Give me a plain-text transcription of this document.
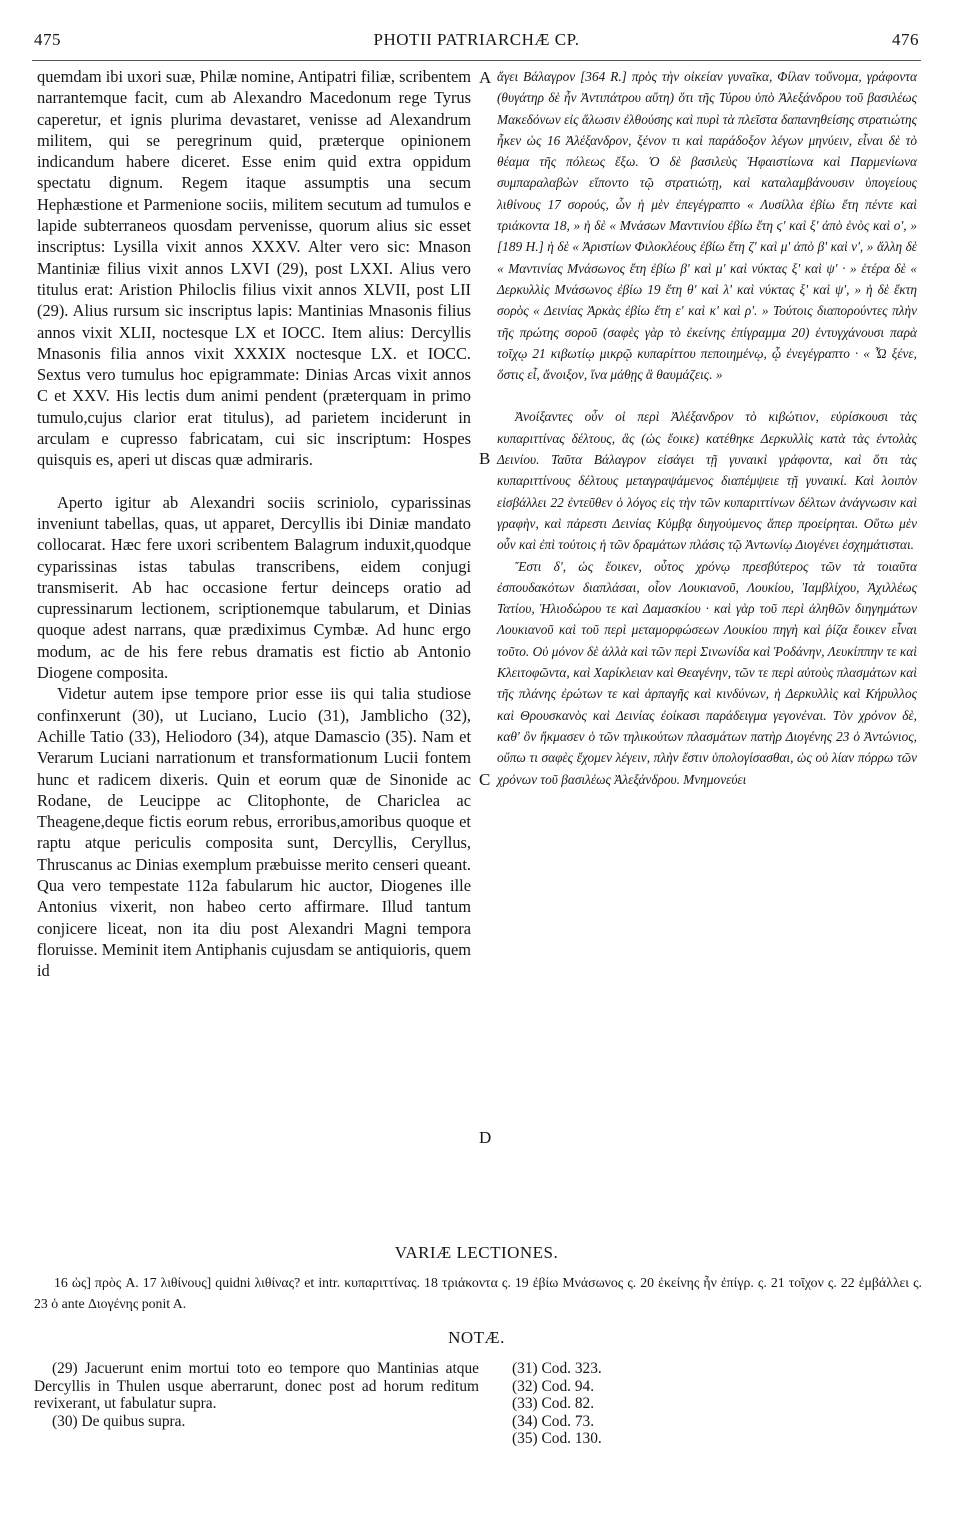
475	PHOTII PATRIARCHÆ CP.	476

quemdam ibi uxori suæ, Philæ nomine, Antipatri filiæ, scribentem narrantemque facit, cum ab Alexandro Macedonum rege Tyrus caperetur, et ignis plurima devastaret, venisse ad Alexandrum militem, qui se peregrinum quid, præterque opinionem indicandum habere diceret. Esse enim quid extra oppidum spectatu dignum. Regem itaque assumptis una secum Hephæstione et Parmenione sociis, militem secutum ad tumulos e lapide subterraneos quosdam pervenisse, quorum alius sic esset inscriptus: Lysilla vixit annos XXXV. Alter vero sic: Mnason Mantiniæ filius vixit annos LXVI (29), post LXXI. Alius vero titulus erat: Aristion Philoclis filius vixit annos XLVII, post LII (29). Alius rursum sic inscriptus lapis: Mantinias Mnasonis filius annos vixit XLII, noctesque LX et IOCC. Item alius: Dercyllis Mnasonis filia annos vixit XXXIX noctesque LX. et IOCC. Sextus vero tumulus hoc epigrammate: Dinias Arcas vixit annos C et XXV. His lectis dum animi pendent (præterquam in primo tumulo,cujus clarior erat titulus), ad parietem inciderunt in arculam e cupresso fabricatam, cui sic inscriptum: Hospes quisquis es, aperi ut discas quæ admiraris.

Aperto igitur ab Alexandri sociis scriniolo, cyparissinas inveniunt tabellas, quas, ut apparet, Dercyllis ibi Diniæ mandato collocarat. Hæc fere uxori scribentem Balagrum induxit,quodque cyparissinas istas tabulas transcribens, eidem conjugi transmiserit. Ab hac occasione fertur deinceps oratio ad cupressinarum lectionem, scriptionemque tabularum, et Dinias quoque adest narrans, quæ prædiximus Cymbæ. Ad hunc ergo modum, ac de his fere rebus dramatis est fictio ab Antonio Diogene composita.

Videtur autem ipse tempore prior esse iis qui talia studiose confinxerunt (30), ut Luciano, Lucio (31), Jamblicho (32), Achille Tatio (33), Heliodoro (34), atque Damascio (35). Nam et Verarum Luciani narrationum et transformationum Lucii fontem hunc et radicem dixeris. Quin et eorum quæ de Sinonide ac Rodane, de Leucippe ac Clitophonte, de Chariclea ac Theagene,deque fictis eorum rebus, erroribus,amoribus quoque et raptu atque periculis composita sunt, Dercyllis, Ceryllus, Thruscanus ac Dinias exemplum præbuisse merito censeri queant. Qua vero tempestate 112a fabularum hic auctor, Diogenes ille Antonius vixerit, non habeo certo affirmare. Illud tantum conjicere liceat, non ita diu post Alexandri Magni tempora floruisse. Meminit item Antiphanis cujusdam se antiquioris, quem id

ἄγει Βάλαγρον [364 R.] πρὸς τὴν οἰκείαν γυναῖκα, Φίλαν τοὔνομα, γράφοντα (θυγάτηρ δὲ ἦν Ἀντιπάτρου αὕτη) ὅτι τῆς Τύρου ὑπὸ Ἀλεξάνδρου τοῦ βασιλέως Μακεδόνων εἰς ἅλωσιν ἐλθούσης καὶ πυρὶ τὰ πλεῖστα δαπανηθείσης στρατιώτης ἧκεν ὡς 16 Ἀλέξανδρον, ξένον τι καὶ παράδοξον λέγων μηνύειν, εἶναι δὲ τὸ θέαμα τῆς πόλεως ἔξω. Ὁ δὲ βασιλεὺς Ἡφαιστίωνα καὶ Παρμενίωνα συμπαραλαβὼν εἵποντο τῷ στρατιώτῃ, καὶ καταλαμβάνουσιν ὑπογείους λιθίνους 17 σορούς, ὧν ἡ μὲν ἐπεγέγραπτο « Λυσίλλα ἐβίω ἔτη πέντε καὶ τριάκοντα 18, » ἡ δὲ « Μνάσων Μαντινίου ἐβίω ἔτη ϛ' καὶ ξ' ἀπὸ ἑνὸς καὶ ο', » [189 H.] ἡ δὲ « Ἀριστίων Φιλοκλέους ἐβίω ἔτη ζ' καὶ μ' ἀπὸ β' καὶ ν', » ἄλλη δὲ « Μαντινίας Μνάσωνος ἔτη ἐβίω β' καὶ μ' καὶ νύκτας ξ' καὶ ψ' · » ἑτέρα δὲ « Δερκυλλὶς Μνάσωνος ἐβίω 19 ἔτη θ' καὶ λ' καὶ νύκτας ξ' καὶ ψ', » ἡ δὲ ἕκτη σορὸς « Δεινίας Ἀρκὰς ἐβίω ἔτη ε' καὶ κ' καὶ ρ'. » Τούτοις διαπορούντες πλὴν τῆς πρώτης σοροῦ (σαφὲς γὰρ τὸ ἐκείνης ἐπίγραμμα 20) ἐντυγχάνουσι παρὰ τοῖχῳ 21 κιβωτίῳ μικρῷ κυπαρίττου πεποιημένῳ, ᾧ ἐνεγέγραπτο · « Ὦ ξένε, ὅστις εἶ, ἄνοιξον, ἵνα μάθῃς ἃ θαυμάζεις. »

Ἀνοίξαντες οὖν οἱ περὶ Ἀλέξανδρον τὸ κιβώτιον, εὑρίσκουσι τὰς κυπαριττίνας δέλτους, ἃς (ὡς ἔοικε) κατέθηκε Δερκυλλὶς κατὰ τὰς ἐντολὰς Δεινίου. Ταῦτα Βάλαγρον εἰσάγει τῇ γυναικὶ γράφοντα, καὶ ὅτι τὰς κυπαριττίνους δέλτους μεταγραψάμενος διαπέμψειε τῇ γυναικί. Καὶ λοιπὸν εἰσβάλλει 22 ἐντεῦθεν ὁ λόγος εἰς τὴν τῶν κυπαριττίνων δέλτων ἀνάγνωσιν καὶ γραφὴν, καὶ πάρεστι Δεινίας Κύμβᾳ διηγούμενος ἅπερ προείρηται. Οὕτω μὲν οὖν καὶ ἐπὶ τούτοις ἡ τῶν δραμάτων πλάσις τῷ Ἀντωνίῳ Διογένει ἐσχημάτισται.

Ἔστι δ', ὡς ἔοικεν, οὗτος χρόνῳ πρεσβύτερος τῶν τὰ τοιαῦτα ἐσπουδακότων διαπλάσαι, οἷον Λουκιανοῦ, Λουκίου, Ἰαμβλίχου, Ἀχιλλέως Τατίου, Ἡλιοδώρου τε καὶ Δαμασκίου · καὶ γὰρ τοῦ περὶ ἀληθῶν διηγημάτων Λουκιανοῦ καὶ τοῦ περὶ μεταμορφώσεων Λουκίου πηγὴ καὶ ῥίζα ἔοικεν εἶναι τοῦτο. Οὐ μόνον δὲ ἀλλὰ καὶ τῶν περὶ Σινωνίδα καὶ Ῥοδάνην, Λευκίππην τε καὶ Κλειτοφῶντα, καὶ Χαρίκλειαν καὶ Θεαγένην, τῶν τε περὶ αὐτοὺς πλασμάτων καὶ τῆς πλάνης ἐρώτων τε καὶ ἁρπαγῆς καὶ κινδύνων, ἡ Δερκυλλὶς καὶ Κήρυλλος καὶ Θρουσκανὸς καὶ Δεινίας ἐοίκασι παράδειγμα γεγονέναι. Τὸν χρόνον δὲ, καθ' ὃν ἤκμασεν ὁ τῶν τηλικούτων πλασμάτων πατὴρ Διογένης 23 ὁ Ἀντώνιος, οὔπω τι σαφὲς ἔχομεν λέγειν, πλὴν ἔστιν ὑπολογίσασθαι, ὡς οὐ λίαν πόρρω τῶν χρόνων τοῦ βασιλέως Ἀλεξάνδρου. Μνημονεύει

A
B
C
D
VARIÆ LECTIONES.

16 ὡς] πρὸς A. 17 λιθίνους] quidni λιθίνας? et intr. κυπαριττίνας. 18 τριάκοντα ς. 19 ἐβίω Μνάσωνος ς. 20 ἐκείνης ἦν ἐπίγρ. ς. 21 τοῖχον ς. 22 ἐμβάλλει ς. 23 ὁ ante Διογένης ponit A.

NOTÆ.

(29) Jacuerunt enim mortui toto eo tempore quo Mantinias atque Dercyllis in Thulen usque aberrarunt, donec post ad horum reditum revixerant, ut fabulatur supra.

(30) De quibus supra.

(31) Cod. 323.
(32) Cod. 94.
(33) Cod. 82.
(34) Cod. 73.
(35) Cod. 130.
